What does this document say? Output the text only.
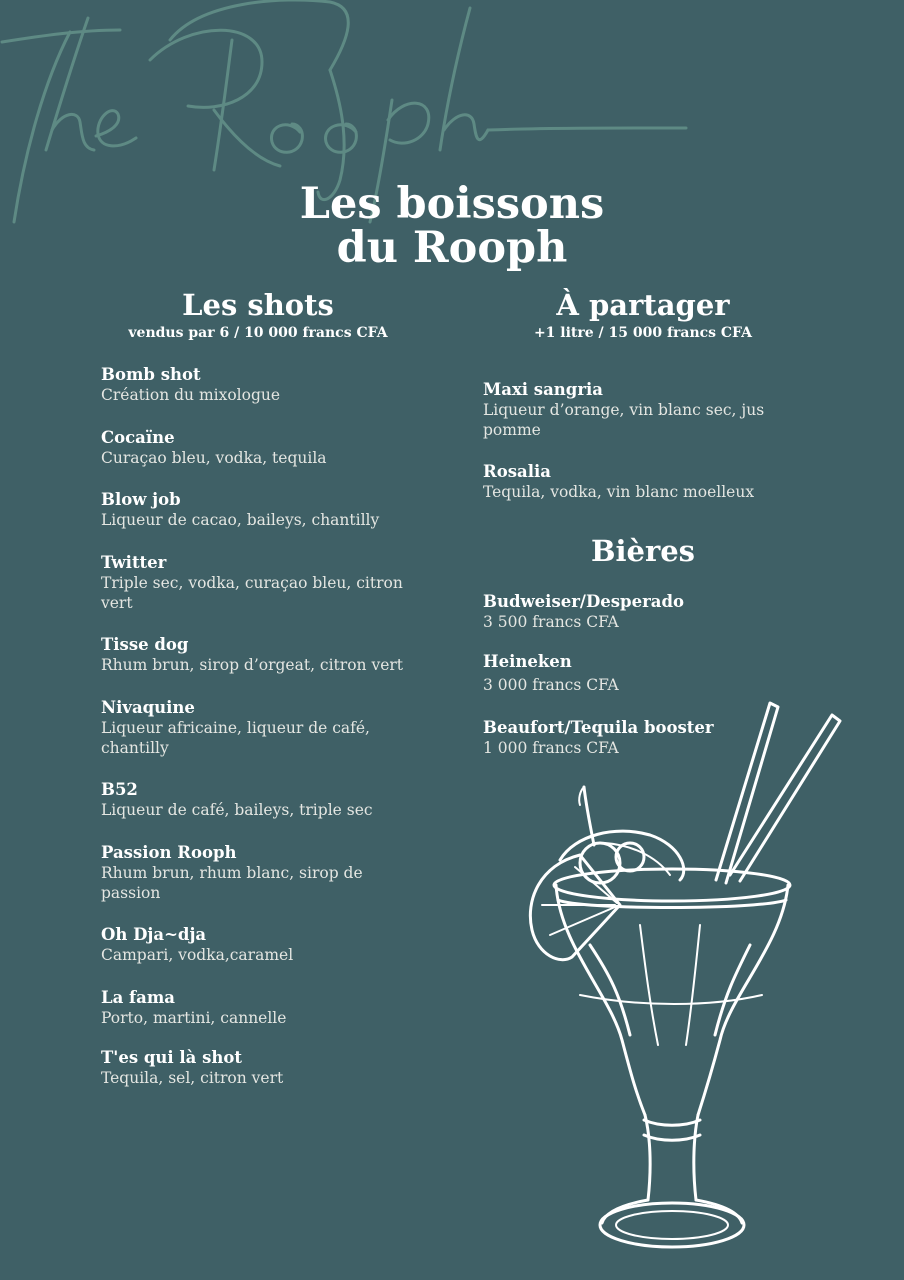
Les boissons
du Rooph
Les shots
vendus par 6 / 10 000 francs CFA
Bomb shot
Création du mixologue
Cocaïne
Curaçao bleu, vodka, tequila
Blow job
Liqueur de cacao, baileys, chantilly
Twitter
Triple sec, vodka, curaçao bleu, citron vert
Tisse dog
Rhum brun, sirop d’orgeat, citron vert
Nivaquine
Liqueur africaine, liqueur de café, chantilly
B52
Liqueur de café, baileys, triple sec
Passion Rooph
Rhum brun, rhum blanc, sirop de passion
Oh Dja~dja
Campari, vodka,caramel
La fama
Porto, martini, cannelle
T'es qui là shot
Tequila, sel, citron vert
À partager
+1 litre / 15 000 francs CFA
Maxi sangria
Liqueur d’orange, vin blanc sec, jus pomme
Rosalia
Tequila, vodka, vin blanc moelleux
Bières
Budweiser/Desperado
3 500 francs CFA
Heineken
3 000 francs CFA
Beaufort/Tequila booster
1 000 francs CFA
